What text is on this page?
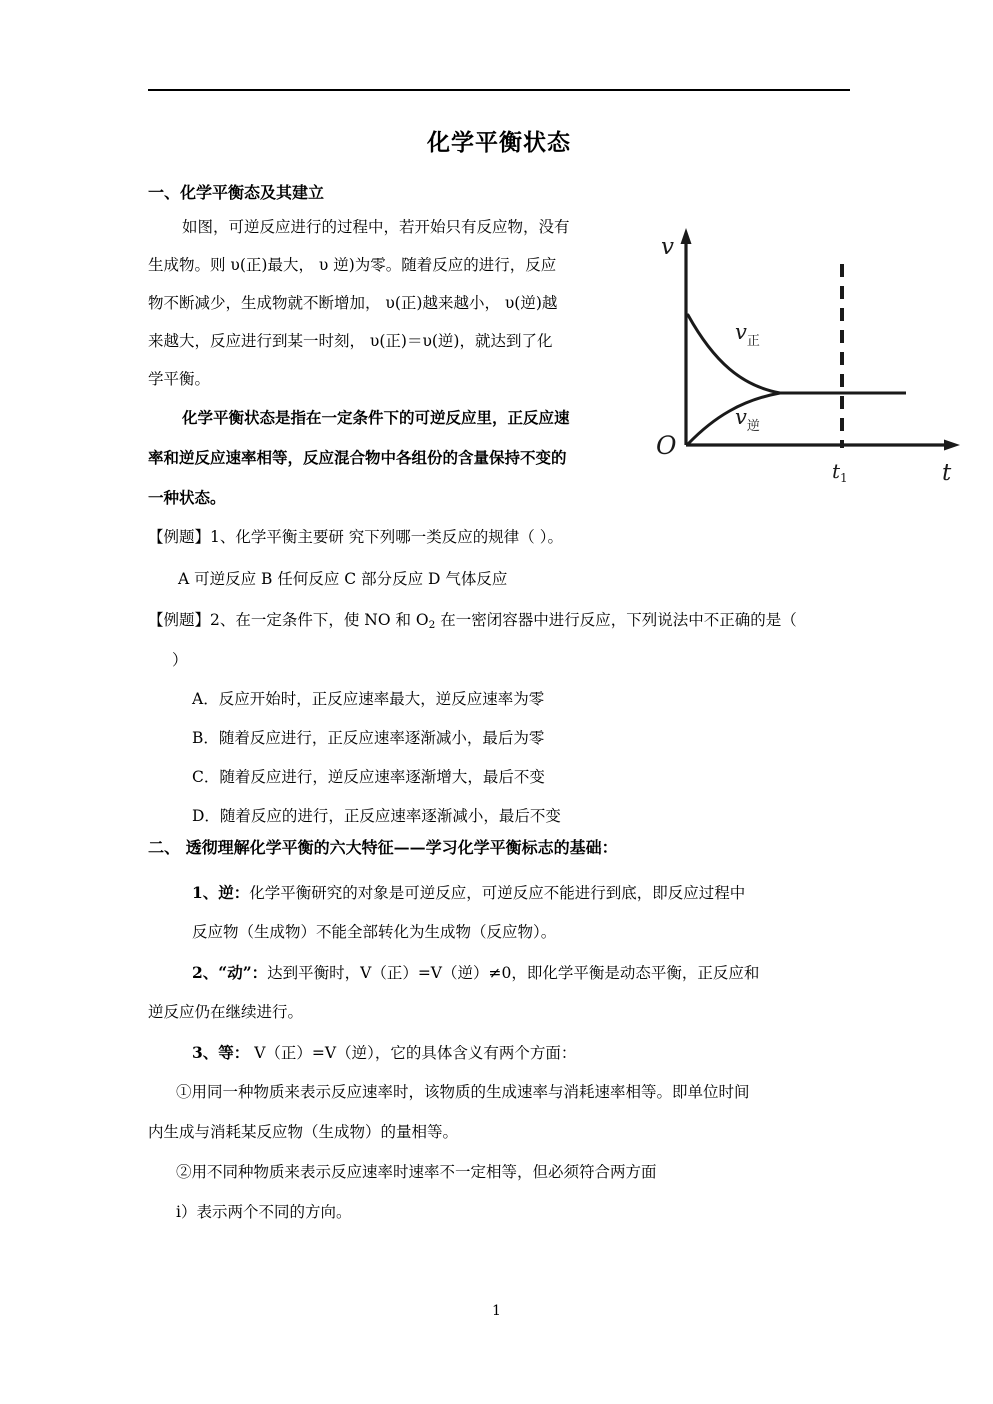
化学平衡状态
一、化学平衡态及其建立
如图，可逆反应进行的过程中，若开始只有反应物，没有
生成物。则 υ(正)最大， υ 逆)为零。随着反应的进行，反应
物不断减少，生成物就不断增加， υ(正)越来越小， υ(逆)越
来越大，反应进行到某一时刻， υ(正)＝υ(逆)，就达到了化
学平衡。
化学平衡状态是指在一定条件下的可逆反应里，正反应速
率和逆反应速率相等，反应混合物中各组份的含量保持不变的
一种状态。
v
t
O
$t_1$
$v_正$
$v_逆$
【例题】1、化学平衡主要研 究下列哪一类反应的规律（ ）。
A 可逆反应 B 任何反应 C 部分反应 D 气体反应
【例题】2、在一定条件下，使 NO 和 $O_2$ 在一密闭容器中进行反应，下列说法中不正确的是（
）
A．反应开始时，正反应速率最大，逆反应速率为零
B．随着反应进行，正反应速率逐渐减小，最后为零
C．随着反应进行，逆反应速率逐渐增大，最后不变
D．随着反应的进行，正反应速率逐渐减小，最后不变
二、 透彻理解化学平衡的六大特征——学习化学平衡标志的基础：
1、逆：化学平衡研究的对象是可逆反应，可逆反应不能进行到底，即反应过程中
反应物（生成物）不能全部转化为生成物（反应物）。
2、“动”：达到平衡时，V（正）=V（逆）≠0，即化学平衡是动态平衡，正反应和
逆反应仍在继续进行。
3、等： V（正）=V（逆），它的具体含义有两个方面：
①用同一种物质来表示反应速率时，该物质的生成速率与消耗速率相等。即单位时间
内生成与消耗某反应物（生成物）的量相等。
②用不同种物质来表示反应速率时速率不一定相等，但必须符合两方面
ⅰ）表示两个不同的方向。
1
